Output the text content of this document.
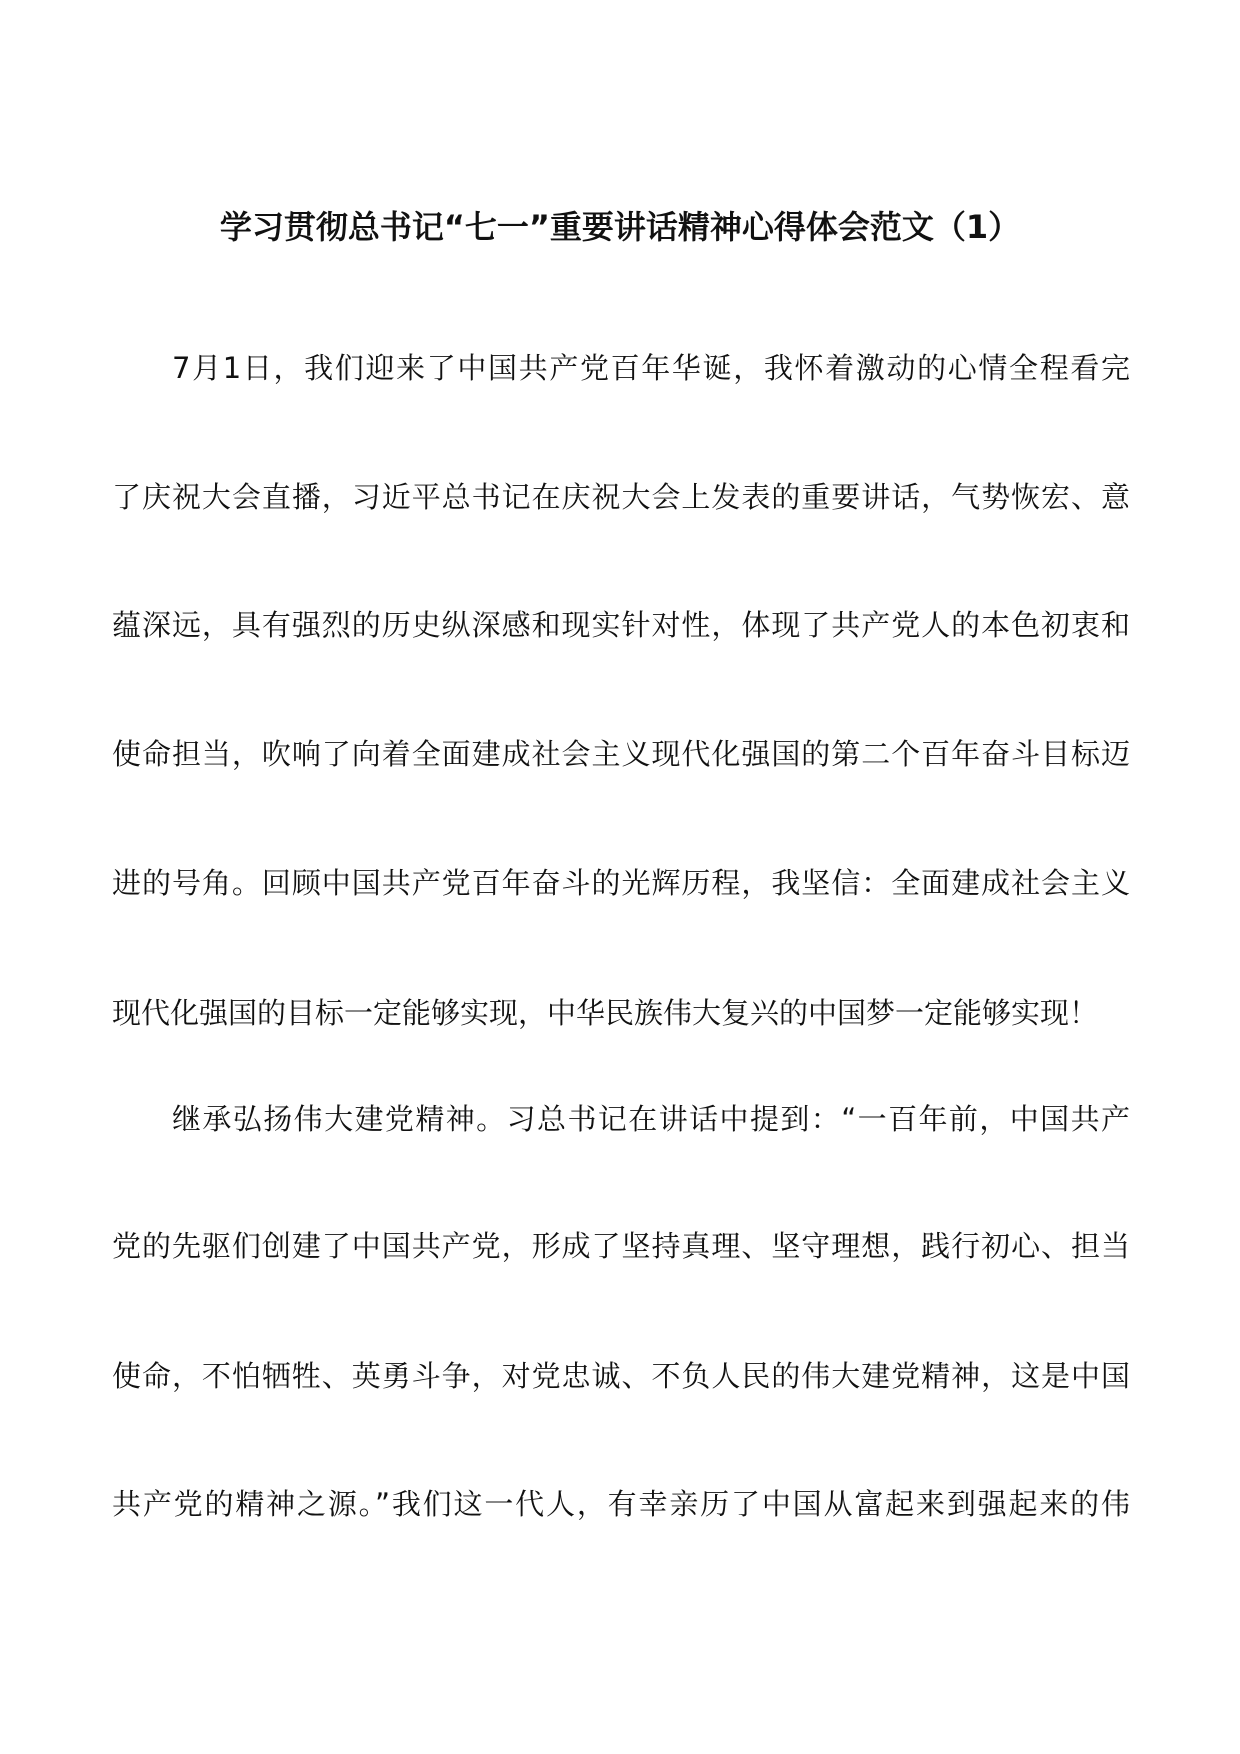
学习贯彻总书记“七一”重要讲话精神心得体会范文（1）
7月1日，我们迎来了中国共产党百年华诞，我怀着激动的心情全程看完
了庆祝大会直播，习近平总书记在庆祝大会上发表的重要讲话，气势恢宏、意
蕴深远，具有强烈的历史纵深感和现实针对性，体现了共产党人的本色初衷和
使命担当，吹响了向着全面建成社会主义现代化强国的第二个百年奋斗目标迈
进的号角。回顾中国共产党百年奋斗的光辉历程，我坚信：全面建成社会主义
现代化强国的目标一定能够实现，中华民族伟大复兴的中国梦一定能够实现！
继承弘扬伟大建党精神。习总书记在讲话中提到：“一百年前，中国共产
党的先驱们创建了中国共产党，形成了坚持真理、坚守理想，践行初心、担当
使命，不怕牺牲、英勇斗争，对党忠诚、不负人民的伟大建党精神，这是中国
共产党的精神之源。”我们这一代人，有幸亲历了中国从富起来到强起来的伟
